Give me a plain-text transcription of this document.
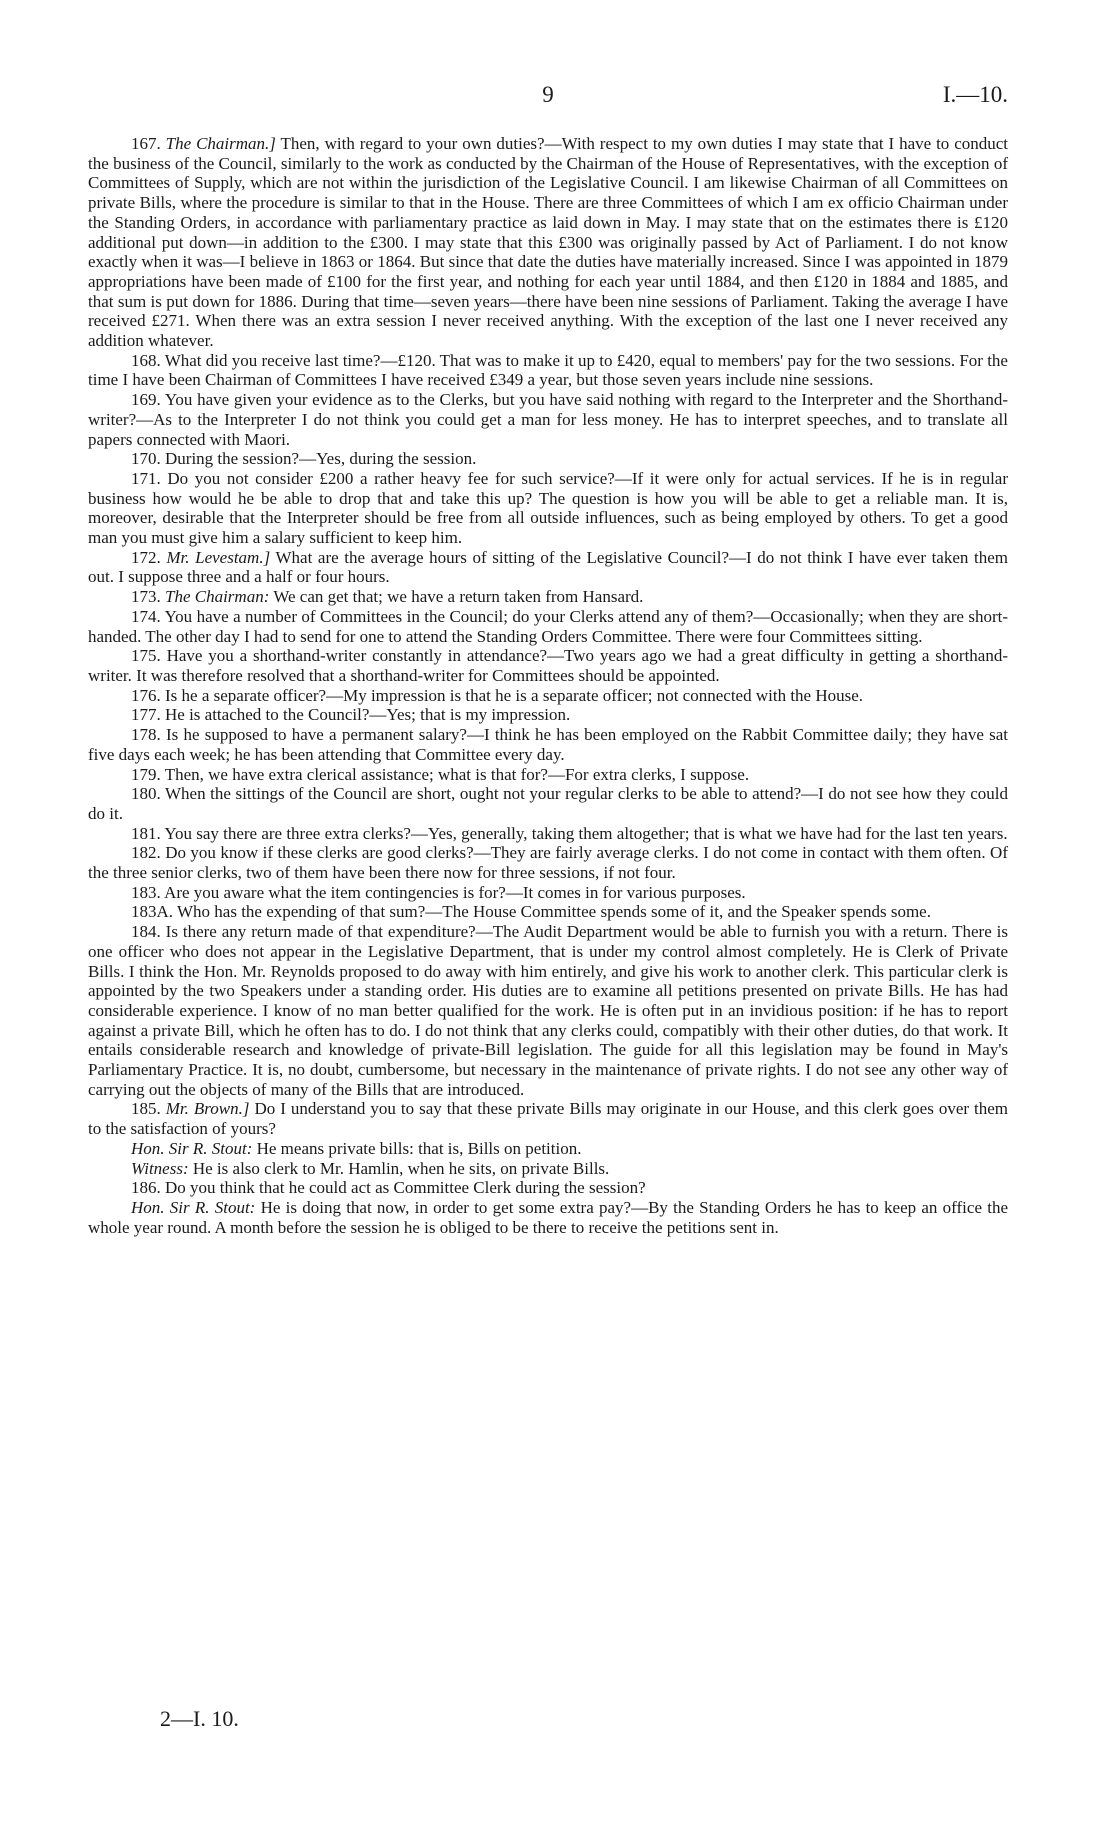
9	I.—10.

167. The Chairman.] Then, with regard to your own duties?—With respect to my own duties I may state that I have to conduct the business of the Council, similarly to the work as conducted by the Chairman of the House of Representatives, with the exception of Committees of Supply, which are not within the jurisdiction of the Legislative Council. I am likewise Chairman of all Committees on private Bills, where the procedure is similar to that in the House. There are three Committees of which I am ex officio Chairman under the Standing Orders, in accordance with parliamentary practice as laid down in May. I may state that on the estimates there is £120 additional put down—in addition to the £300. I may state that this £300 was originally passed by Act of Parliament. I do not know exactly when it was—I believe in 1863 or 1864. But since that date the duties have materially increased. Since I was appointed in 1879 appropriations have been made of £100 for the first year, and nothing for each year until 1884, and then £120 in 1884 and 1885, and that sum is put down for 1886. During that time—seven years—there have been nine sessions of Parliament. Taking the average I have received £271. When there was an extra session I never received anything. With the exception of the last one I never received any addition whatever.

168. What did you receive last time?—£120. That was to make it up to £420, equal to members' pay for the two sessions. For the time I have been Chairman of Committees I have received £349 a year, but those seven years include nine sessions.

169. You have given your evidence as to the Clerks, but you have said nothing with regard to the Interpreter and the Shorthand-writer?—As to the Interpreter I do not think you could get a man for less money. He has to interpret speeches, and to translate all papers connected with Maori.

170. During the session?—Yes, during the session.

171. Do you not consider £200 a rather heavy fee for such service?—If it were only for actual services. If he is in regular business how would he be able to drop that and take this up? The question is how you will be able to get a reliable man. It is, moreover, desirable that the Interpreter should be free from all outside influences, such as being employed by others. To get a good man you must give him a salary sufficient to keep him.

172. Mr. Levestam.] What are the average hours of sitting of the Legislative Council?—I do not think I have ever taken them out. I suppose three and a half or four hours.

173. The Chairman: We can get that; we have a return taken from Hansard.

174. You have a number of Committees in the Council; do your Clerks attend any of them?—Occasionally; when they are short-handed. The other day I had to send for one to attend the Standing Orders Committee. There were four Committees sitting.

175. Have you a shorthand-writer constantly in attendance?—Two years ago we had a great difficulty in getting a shorthand-writer. It was therefore resolved that a shorthand-writer for Committees should be appointed.

176. Is he a separate officer?—My impression is that he is a separate officer; not connected with the House.

177. He is attached to the Council?—Yes; that is my impression.

178. Is he supposed to have a permanent salary?—I think he has been employed on the Rabbit Committee daily; they have sat five days each week; he has been attending that Committee every day.

179. Then, we have extra clerical assistance; what is that for?—For extra clerks, I suppose.

180. When the sittings of the Council are short, ought not your regular clerks to be able to attend?—I do not see how they could do it.

181. You say there are three extra clerks?—Yes, generally, taking them altogether; that is what we have had for the last ten years.

182. Do you know if these clerks are good clerks?—They are fairly average clerks. I do not come in contact with them often. Of the three senior clerks, two of them have been there now for three sessions, if not four.

183. Are you aware what the item contingencies is for?—It comes in for various purposes.

183A. Who has the expending of that sum?—The House Committee spends some of it, and the Speaker spends some.

184. Is there any return made of that expenditure?—The Audit Department would be able to furnish you with a return. There is one officer who does not appear in the Legislative Department, that is under my control almost completely. He is Clerk of Private Bills. I think the Hon. Mr. Reynolds proposed to do away with him entirely, and give his work to another clerk. This particular clerk is appointed by the two Speakers under a standing order. His duties are to examine all petitions presented on private Bills. He has had considerable experience. I know of no man better qualified for the work. He is often put in an invidious position: if he has to report against a private Bill, which he often has to do. I do not think that any clerks could, compatibly with their other duties, do that work. It entails considerable research and knowledge of private-Bill legislation. The guide for all this legislation may be found in May's Parliamentary Practice. It is, no doubt, cumbersome, but necessary in the maintenance of private rights. I do not see any other way of carrying out the objects of many of the Bills that are introduced.

185. Mr. Brown.] Do I understand you to say that these private Bills may originate in our House, and this clerk goes over them to the satisfaction of yours?

Hon. Sir R. Stout: He means private bills: that is, Bills on petition.

Witness: He is also clerk to Mr. Hamlin, when he sits, on private Bills.

186. Do you think that he could act as Committee Clerk during the session?

Hon. Sir R. Stout: He is doing that now, in order to get some extra pay?—By the Standing Orders he has to keep an office the whole year round. A month before the session he is obliged to be there to receive the petitions sent in.

2—I. 10.
